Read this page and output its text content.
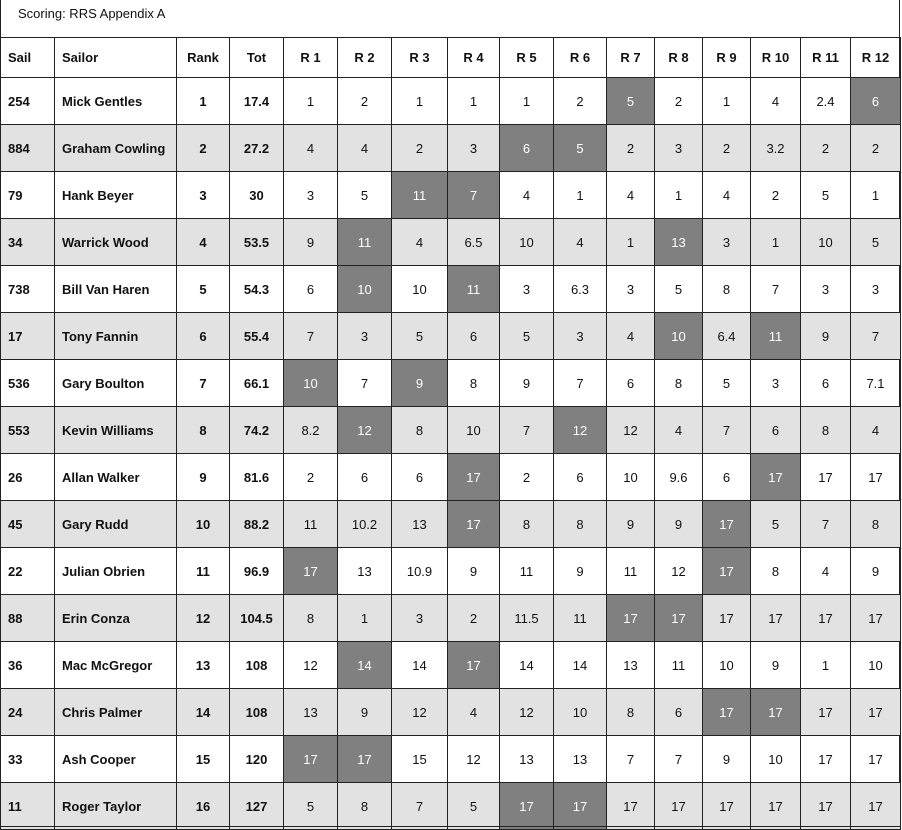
Scoring: RRS Appendix A
Sail	Sailor	Rank	Tot	R 1	R 2	R 3	R 4	R 5	R 6	R 7	R 8	R 9	R 10	R 11	R 12
254	Mick Gentles	1	17.4	1	2	1	1	1	2	5	2	1	4	2.4	6
884	Graham Cowling	2	27.2	4	4	2	3	6	5	2	3	2	3.2	2	2
79	Hank Beyer	3	30	3	5	11	7	4	1	4	1	4	2	5	1
34	Warrick Wood	4	53.5	9	11	4	6.5	10	4	1	13	3	1	10	5
738	Bill Van Haren	5	54.3	6	10	10	11	3	6.3	3	5	8	7	3	3
17	Tony Fannin	6	55.4	7	3	5	6	5	3	4	10	6.4	11	9	7
536	Gary Boulton	7	66.1	10	7	9	8	9	7	6	8	5	3	6	7.1
553	Kevin Williams	8	74.2	8.2	12	8	10	7	12	12	4	7	6	8	4
26	Allan Walker	9	81.6	2	6	6	17	2	6	10	9.6	6	17	17	17
45	Gary Rudd	10	88.2	11	10.2	13	17	8	8	9	9	17	5	7	8
22	Julian Obrien	11	96.9	17	13	10.9	9	11	9	11	12	17	8	4	9
88	Erin Conza	12	104.5	8	1	3	2	11.5	11	17	17	17	17	17	17
36	Mac McGregor	13	108	12	14	14	17	14	14	13	11	10	9	1	10
24	Chris Palmer	14	108	13	9	12	4	12	10	8	6	17	17	17	17
33	Ash Cooper	15	120	17	17	15	12	13	13	7	7	9	10	17	17
11	Roger Taylor	16	127	5	8	7	5	17	17	17	17	17	17	17	17
